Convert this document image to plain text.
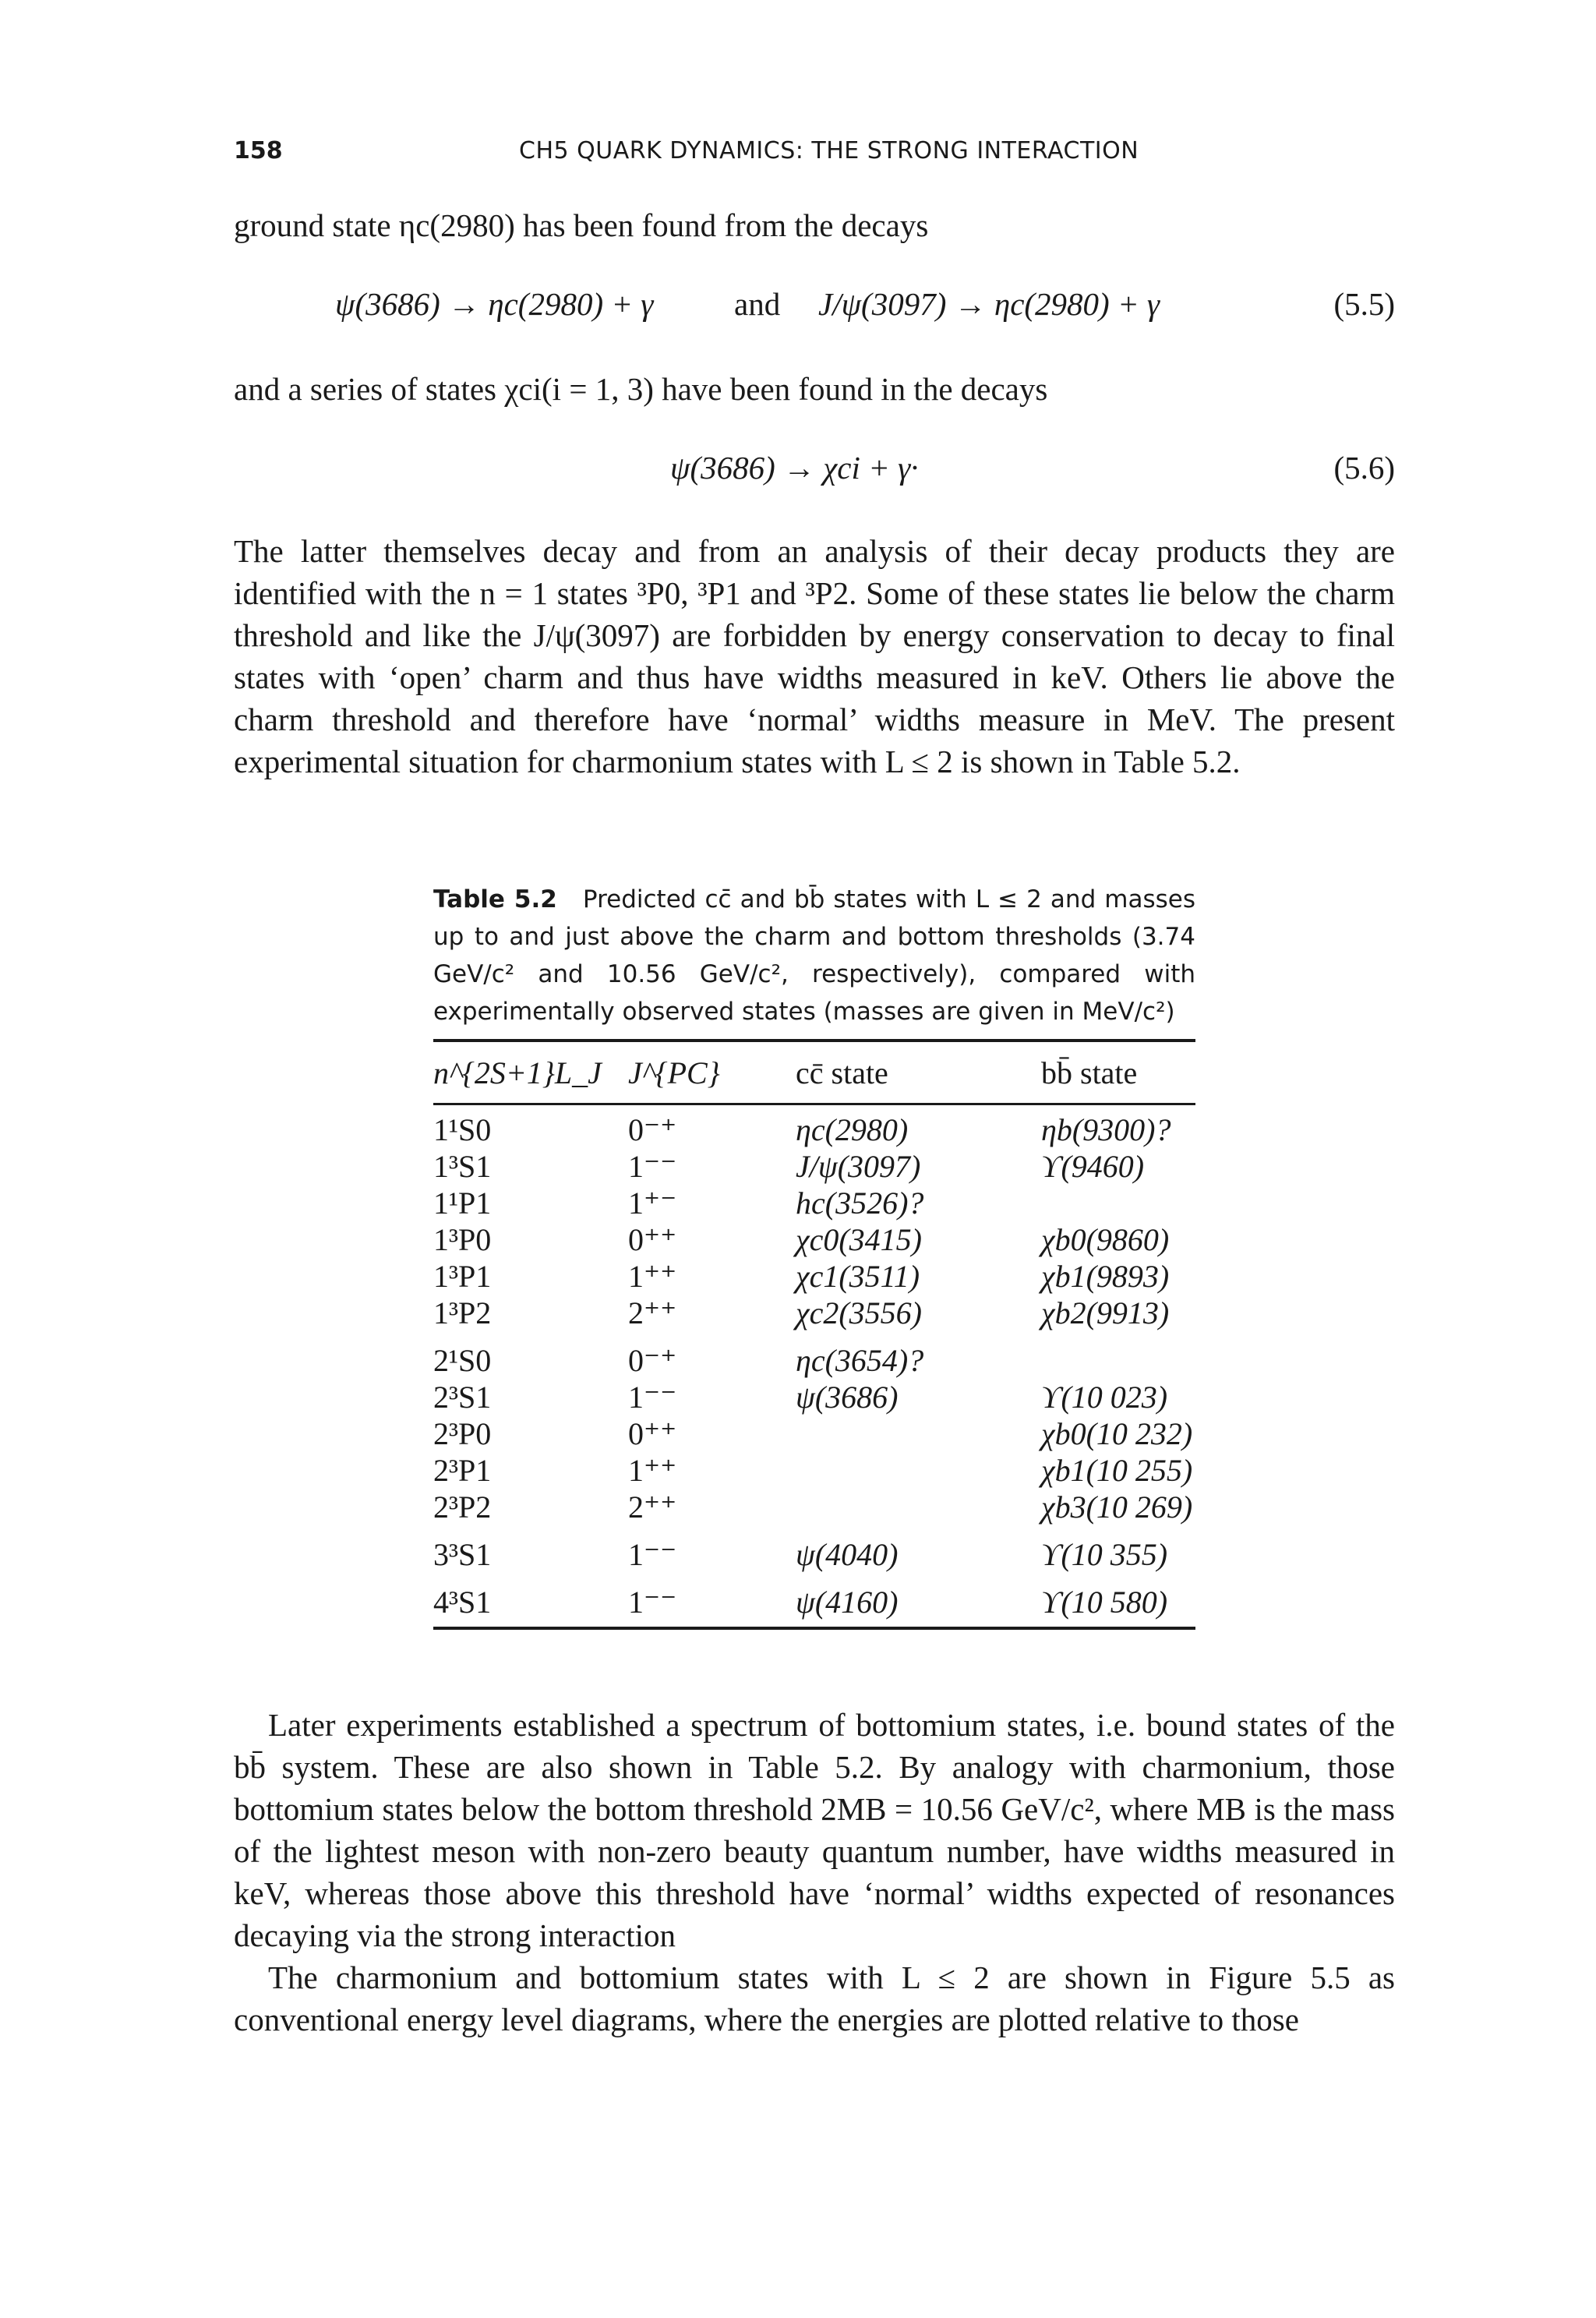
158	CH5 QUARK DYNAMICS: THE STRONG INTERACTION
ground state ηc(2980) has been found from the decays
ψ(3686) → ηc(2980) + γ	and J/ψ(3097) → ηc(2980) + γ	(5.5)
and a series of states χci(i = 1, 3) have been found in the decays
ψ(3686) → χci + γ·	(5.6)
The latter themselves decay and from an analysis of their decay products they are identified with the n = 1 states ³P0, ³P1 and ³P2. Some of these states lie below the charm threshold and like the J/ψ(3097) are forbidden by energy conservation to decay to final states with ‘open’ charm and thus have widths measured in keV. Others lie above the charm threshold and therefore have ‘normal’ widths measure in MeV. The present experimental situation for charmonium states with L ≤ 2 is shown in Table 5.2.
Table 5.2 Predicted cc̄ and bb̄ states with L ≤ 2 and masses up to and just above the charm and bottom thresholds (3.74 GeV/c² and 10.56 GeV/c², respectively), compared with experimentally observed states (masses are given in MeV/c²)
n^{2S+1}L_J	J^{PC}	cc̄ state	bb̄ state
1¹S0	0⁻⁺	ηc(2980)	ηb(9300)?
1³S1	1⁻⁻	J/ψ(3097)	ϒ(9460)
1¹P1	1⁺⁻	hc(3526)?	
1³P0	0⁺⁺	χc0(3415)	χb0(9860)
1³P1	1⁺⁺	χc1(3511)	χb1(9893)
1³P2	2⁺⁺	χc2(3556)	χb2(9913)
2¹S0	0⁻⁺	ηc(3654)?	
2³S1	1⁻⁻	ψ(3686)	ϒ(10 023)
2³P0	0⁺⁺		χb0(10 232)
2³P1	1⁺⁺		χb1(10 255)
2³P2	2⁺⁺		χb3(10 269)
3³S1	1⁻⁻	ψ(4040)	ϒ(10 355)
4³S1	1⁻⁻	ψ(4160)	ϒ(10 580)
Later experiments established a spectrum of bottomium states, i.e. bound states of the bb̄ system. These are also shown in Table 5.2. By analogy with charmonium, those bottomium states below the bottom threshold 2MB = 10.56 GeV/c², where MB is the mass of the lightest meson with non-zero beauty quantum number, have widths measured in keV, whereas those above this threshold have ‘normal’ widths expected of resonances decaying via the strong interaction
The charmonium and bottomium states with L ≤ 2 are shown in Figure 5.5 as conventional energy level diagrams, where the energies are plotted relative to those
